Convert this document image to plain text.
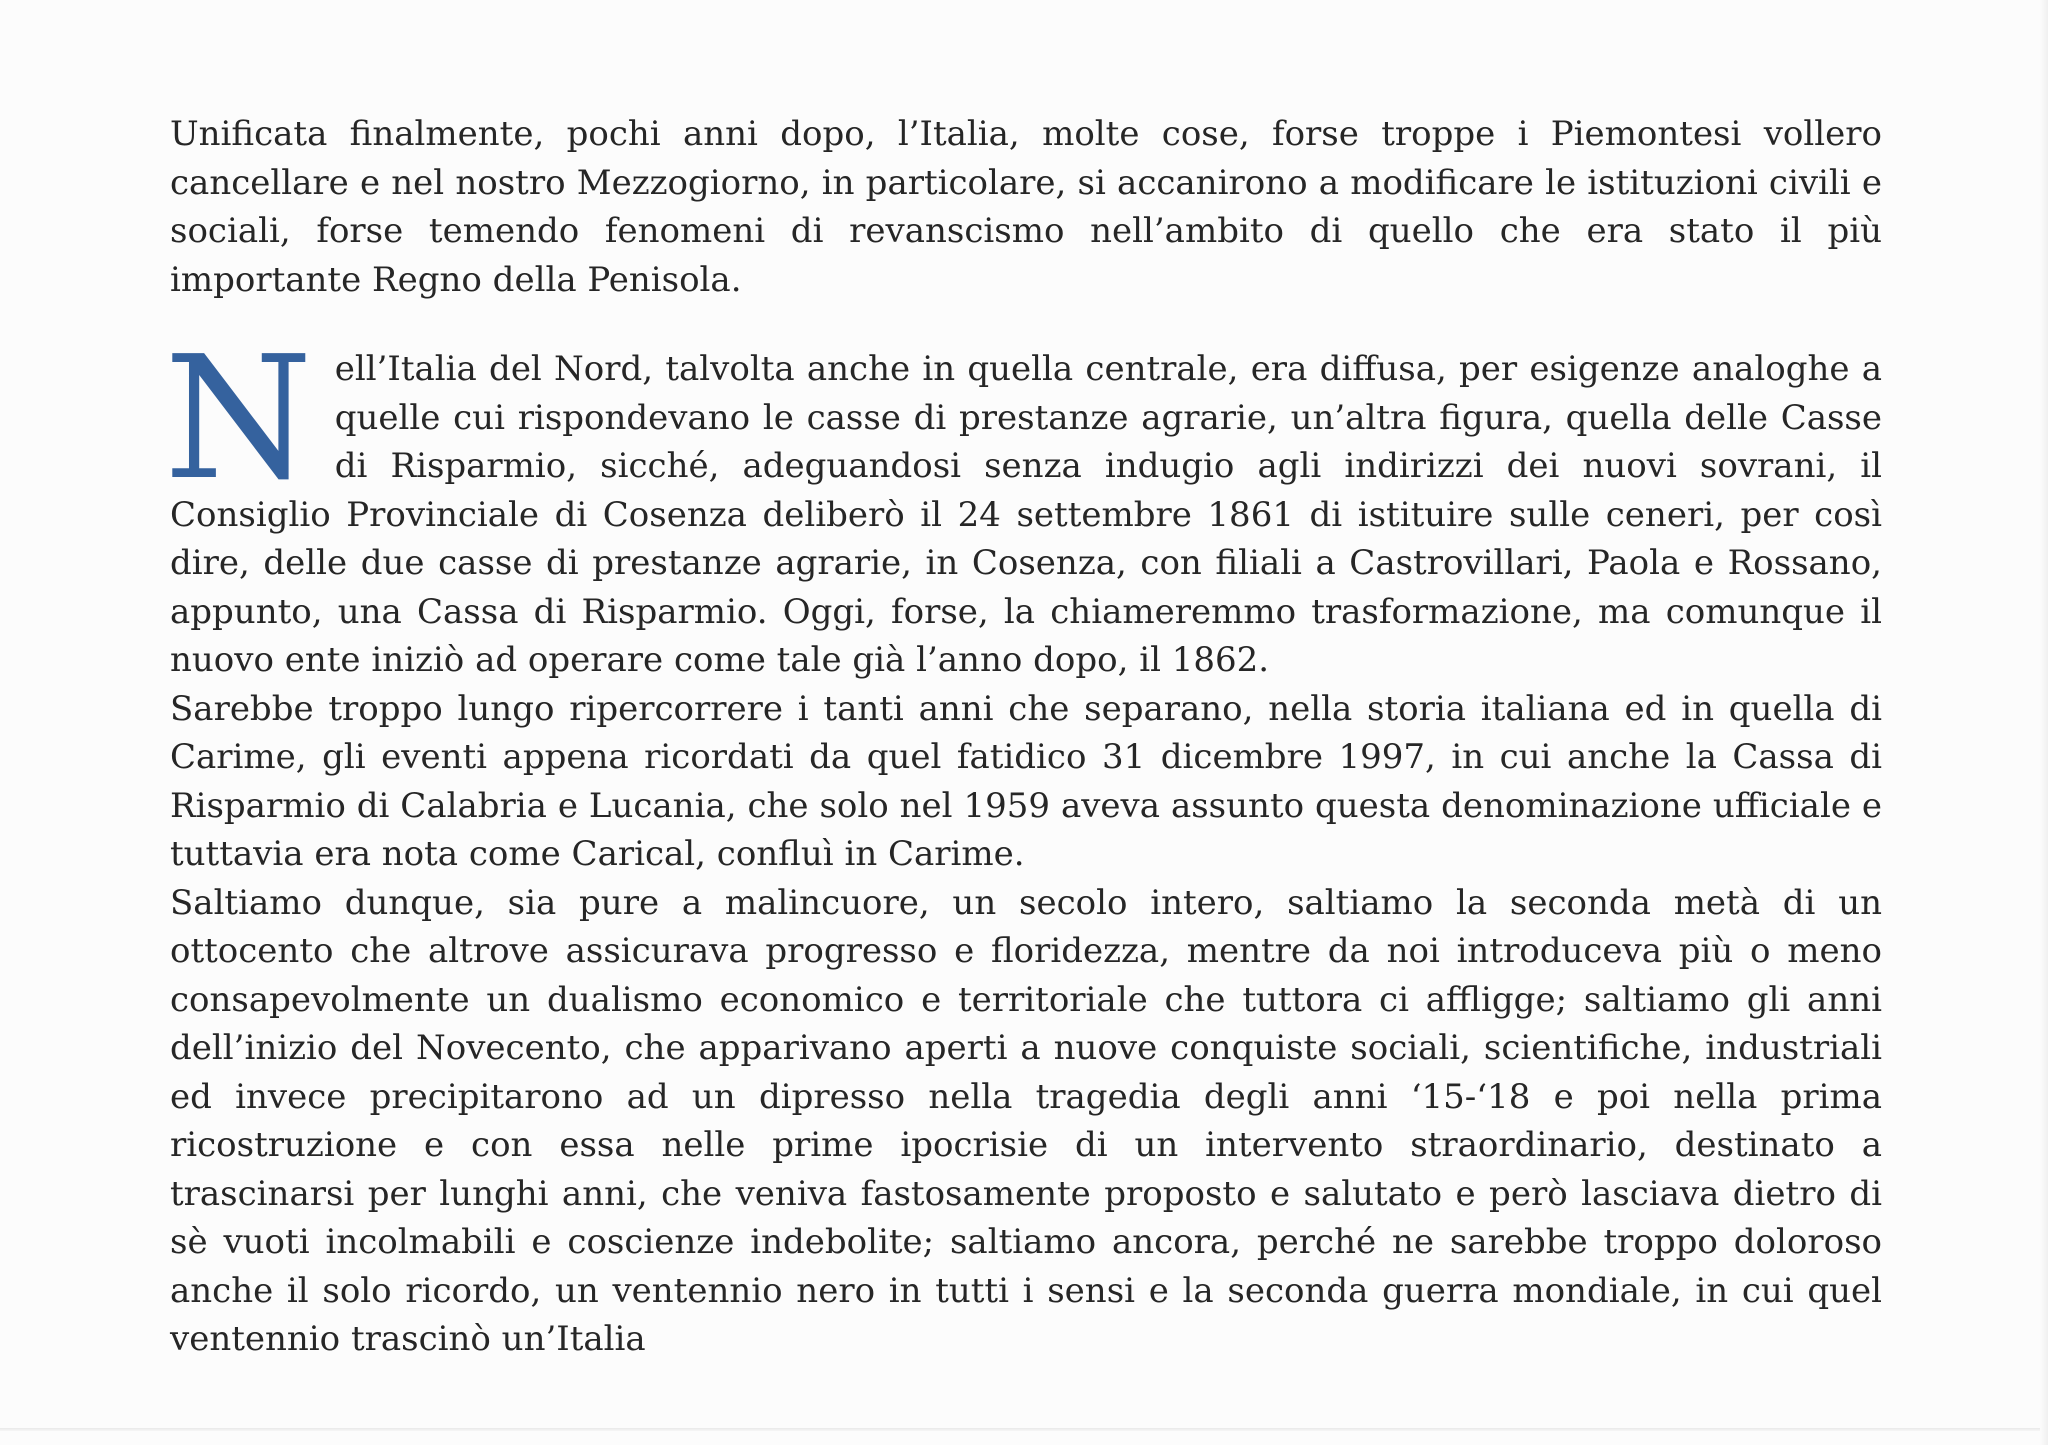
Unificata finalmente, pochi anni dopo, l’Italia, molte cose, forse troppe i Piemontesi vollero cancellare e nel nostro Mezzogiorno, in particolare, si accanirono a modificare le istituzioni civili e sociali, forse temendo fenomeni di revanscismo nell’ambito di quello che era stato il più importante Regno della Penisola.

Nell’Italia del Nord, talvolta anche in quella centrale, era diffusa, per esigenze analoghe a quelle cui rispondevano le casse di prestanze agrarie, un’altra figura, quella delle Casse di Risparmio, sicché, adeguandosi senza indugio agli indirizzi dei nuovi sovrani, il Consiglio Provinciale di Cosenza deliberò il 24 settembre 1861 di istituire sulle ceneri, per così dire, delle due casse di prestanze agrarie, in Cosenza, con filiali a Castrovillari, Paola e Rossano, appunto, una Cassa di Risparmio. Oggi, forse, la chiameremmo trasformazione, ma comunque il nuovo ente iniziò ad operare come tale già l’anno dopo, il 1862.

Sarebbe troppo lungo ripercorrere i tanti anni che separano, nella storia italiana ed in quella di Carime, gli eventi appena ricordati da quel fatidico 31 dicembre 1997, in cui anche la Cassa di Risparmio di Calabria e Lucania, che solo nel 1959 aveva assunto questa denominazione ufficiale e tuttavia era nota come Carical, confluì in Carime.

Saltiamo dunque, sia pure a malincuore, un secolo intero, saltiamo la seconda metà di un ottocento che altrove assicurava progresso e floridezza, mentre da noi introduceva più o meno consapevolmente un dualismo economico e territoriale che tuttora ci affligge; saltiamo gli anni dell’inizio del Novecento, che apparivano aperti a nuove conquiste sociali, scientifiche, industriali ed invece precipitarono ad un dipresso nella tragedia degli anni ‘15-‘18 e poi nella prima ricostruzione e con essa nelle prime ipocrisie di un intervento straordinario, destinato a trascinarsi per lunghi anni, che veniva fastosamente proposto e salutato e però lasciava dietro di sè vuoti incolmabili e coscienze indebolite; saltiamo ancora, perché ne sarebbe troppo doloroso anche il solo ricordo, un ventennio nero in tutti i sensi e la seconda guerra mondiale, in cui quel ventennio trascinò un’Italia
